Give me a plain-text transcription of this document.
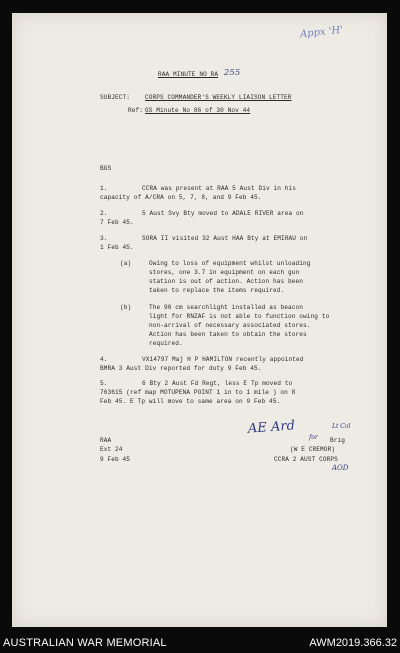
Appx 'H'
RAA MINUTE NO RA 255
SUBJECT: CORPS COMMANDER'S WEEKLY LIAISON LETTER
Ref: GS Minute No 86 of 30 Nov 44
BGS
1.	CCRA was present at RAA 5 Aust Div in his
capacity of A/CRA on 5, 7, 8, and 9 Feb 45.
2.	5 Aust Svy Bty moved to ADALE RIVER area on
7 Feb 45.
3.	SORA II visited 32 Aust HAA Bty at EMIRAU on
1 Feb 45.
(a)	Owing to loss of equipment whilst unloading
stores, one 3.7 in equipment on each gun
station is out of action. Action has been
taken to replace the items required.
(b)	The 90 cm searchlight installed as beacon
light for RNZAF is not able to function owing to
non-arrival of necessary associated stores.
Action has been taken to obtain the stores
required.
4.	VX14797 Maj H P HAMILTON recently appointed
BMRA 3 Aust Div reported for duty 9 Feb 45.
5.	6 Bty 2 Aust Fd Regt, less E Tp moved to
763615 (ref map MOTUPENA POINT 1 in to 1 mile ) on 8
Feb 45. E Tp will move to same area on 9 Feb 45.
AE Ard	Lt Col
for Brig
(W E CREMOR)
CCRA 2 AUST CORPS
AOD
RAA
Ext 24
9 Feb 45
AUSTRALIAN WAR MEMORIAL	AWM2019.366.32
